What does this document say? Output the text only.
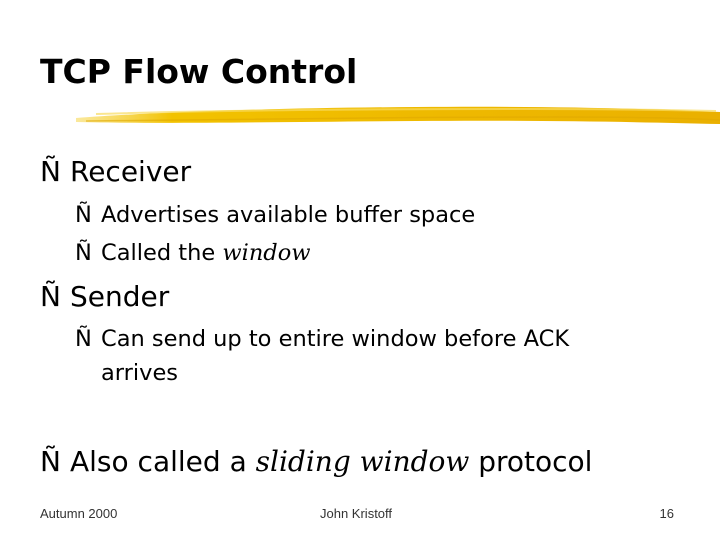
TCP Flow Control
Ñ Receiver
Ñ Advertises available buffer space
Ñ Called the window
Ñ Sender
Ñ Can send up to entire window before ACK
arrives
Ñ Also called a sliding window protocol
Autumn 2000	John Kristoff	16
